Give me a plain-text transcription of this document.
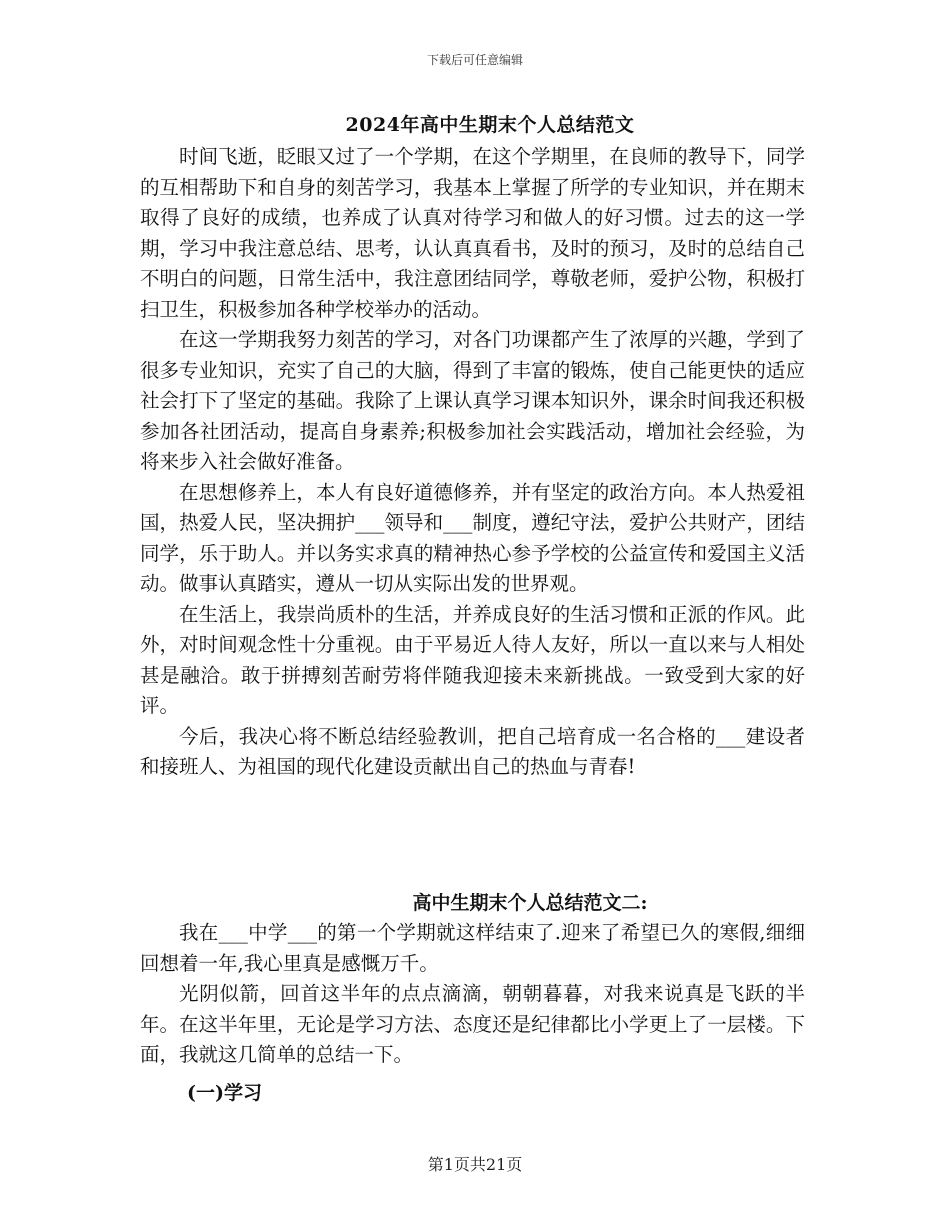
下载后可任意编辑
2024年高中生期末个人总结范文

时间飞逝，眨眼又过了一个学期，在这个学期里，在良师的教导下，同学的互相帮助下和自身的刻苦学习，我基本上掌握了所学的专业知识，并在期末取得了良好的成绩，也养成了认真对待学习和做人的好习惯。过去的这一学期，学习中我注意总结、思考，认认真真看书，及时的预习，及时的总结自己不明白的问题，日常生活中，我注意团结同学，尊敬老师，爱护公物，积极打扫卫生，积极参加各种学校举办的活动。

在这一学期我努力刻苦的学习，对各门功课都产生了浓厚的兴趣，学到了很多专业知识，充实了自己的大脑，得到了丰富的锻炼，使自己能更快的适应社会打下了坚定的基础。我除了上课认真学习课本知识外，课余时间我还积极参加各社团活动，提高自身素养;积极参加社会实践活动，增加社会经验，为将来步入社会做好准备。

在思想修养上，本人有良好道德修养，并有坚定的政治方向。本人热爱祖国，热爱人民，坚决拥护___领导和___制度，遵纪守法，爱护公共财产，团结同学，乐于助人。并以务实求真的精神热心参予学校的公益宣传和爱国主义活动。做事认真踏实，遵从一切从实际出发的世界观。

在生活上，我崇尚质朴的生活，并养成良好的生活习惯和正派的作风。此外，对时间观念性十分重视。由于平易近人待人友好，所以一直以来与人相处甚是融洽。敢于拼搏刻苦耐劳将伴随我迎接未来新挑战。一致受到大家的好评。

今后，我决心将不断总结经验教训，把自己培育成一名合格的___建设者和接班人、为祖国的现代化建设贡献出自己的热血与青春!

高中生期末个人总结范文二:

我在___中学___的第一个学期就这样结束了.迎来了希望已久的寒假,细细回想着一年,我心里真是感慨万千。

光阴似箭，回首这半年的点点滴滴，朝朝暮暮，对我来说真是飞跃的半年。在这半年里，无论是学习方法、态度还是纪律都比小学更上了一层楼。下面，我就这几简单的总结一下。

(一)学习
第1页共21页
